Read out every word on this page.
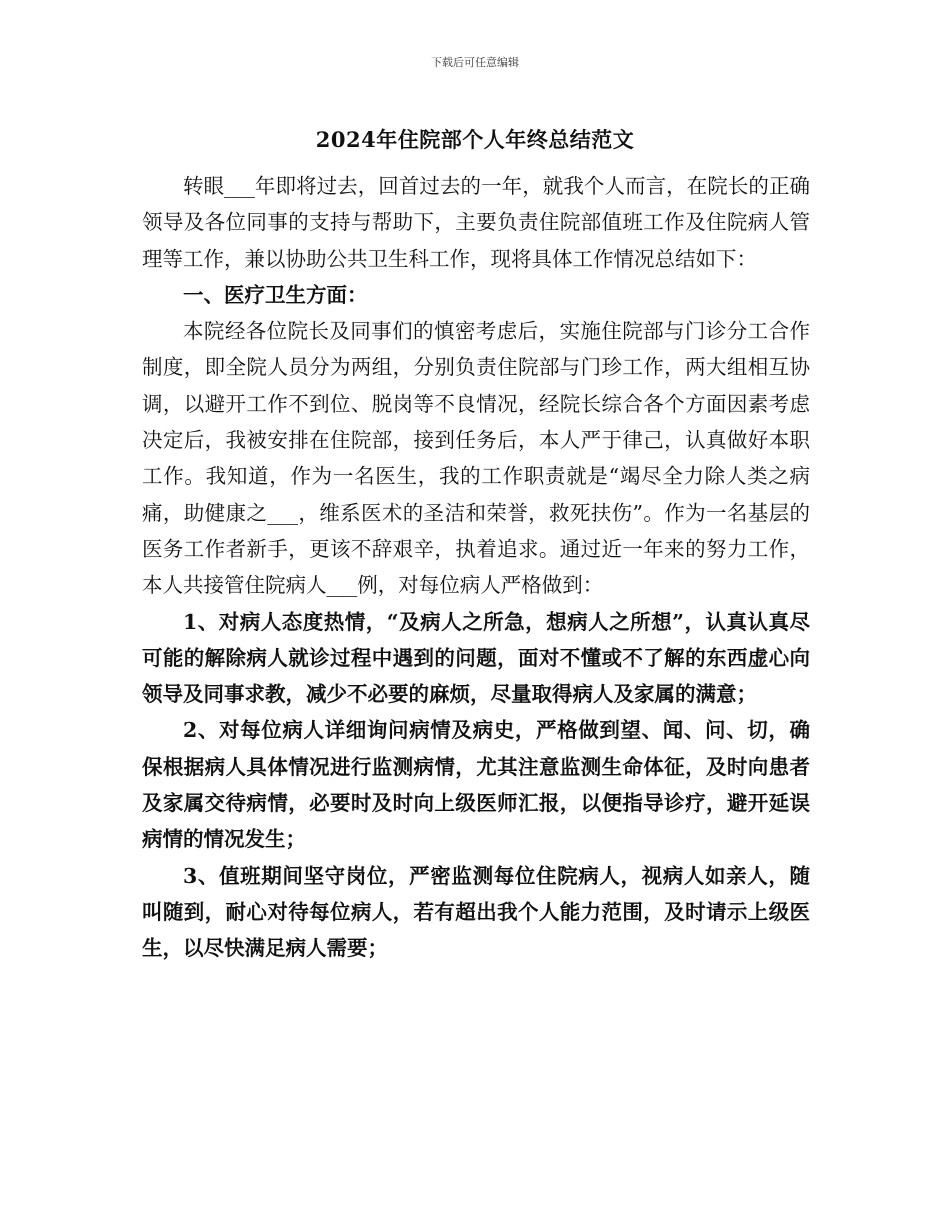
下载后可任意编辑
2024年住院部个人年终总结范文

转眼___年即将过去，回首过去的一年，就我个人而言，在院长的正确领导及各位同事的支持与帮助下，主要负责住院部值班工作及住院病人管理等工作，兼以协助公共卫生科工作，现将具体工作情况总结如下：

一、医疗卫生方面：

本院经各位院长及同事们的慎密考虑后，实施住院部与门诊分工合作制度，即全院人员分为两组，分别负责住院部与门珍工作，两大组相互协调，以避开工作不到位、脱岗等不良情况，经院长综合各个方面因素考虑决定后，我被安排在住院部，接到任务后，本人严于律己，认真做好本职工作。我知道，作为一名医生，我的工作职责就是“竭尽全力除人类之病痛，助健康之___，维系医术的圣洁和荣誉，救死扶伤”。作为一名基层的医务工作者新手，更该不辞艰辛，执着追求。通过近一年来的努力工作，本人共接管住院病人___例，对每位病人严格做到：

1、对病人态度热情，“及病人之所急，想病人之所想”，认真认真尽可能的解除病人就诊过程中遇到的问题，面对不懂或不了解的东西虚心向领导及同事求教，减少不必要的麻烦，尽量取得病人及家属的满意；

2、对每位病人详细询问病情及病史，严格做到望、闻、问、切，确保根据病人具体情况进行监测病情，尤其注意监测生命体征，及时向患者及家属交待病情，必要时及时向上级医师汇报，以便指导诊疗，避开延误病情的情况发生；

3、值班期间坚守岗位，严密监测每位住院病人，视病人如亲人，随叫随到，耐心对待每位病人，若有超出我个人能力范围，及时请示上级医生，以尽快满足病人需要；
